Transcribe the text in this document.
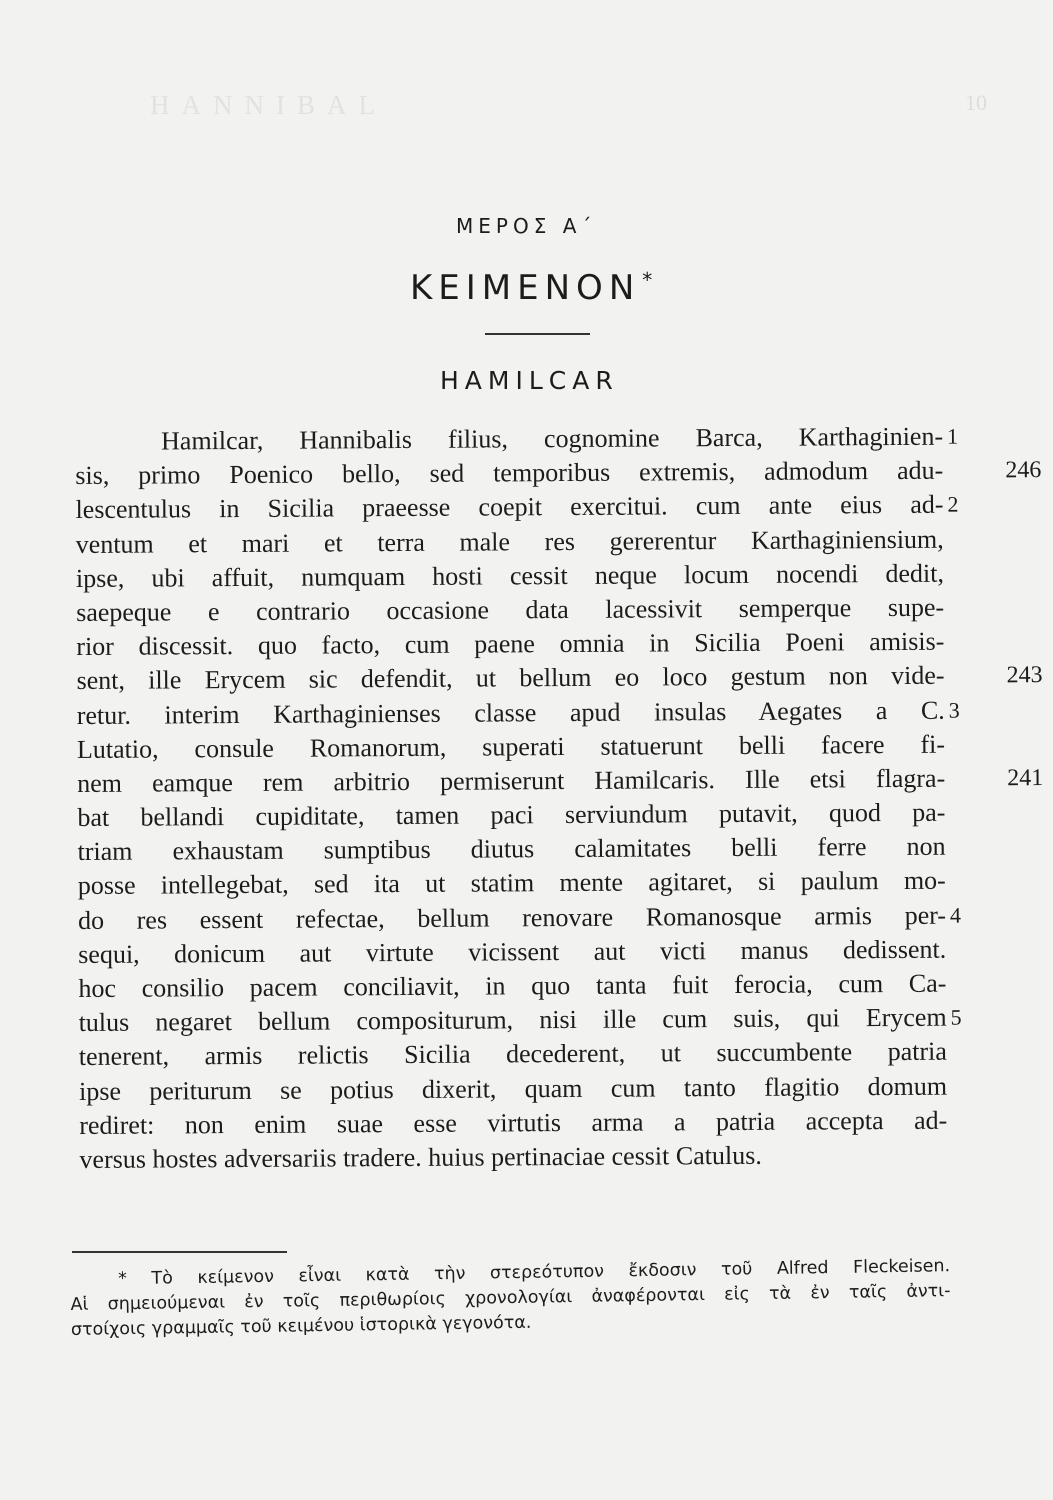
HANNIBAL	10
ΜΕΡΟΣ Α΄
ΚΕΙΜΕΝΟΝ *
HAMILCAR
Hamilcar, Hannibalis filius, cognomine Barca, Karthaginien- 1
sis, primo Poenico bello, sed temporibus extremis, admodum adu-	246
lescentulus in Sicilia praeesse coepit exercitui. cum ante eius ad- 2
ventum et mari et terra male res gererentur Karthaginiensium,
ipse, ubi affuit, numquam hosti cessit neque locum nocendi dedit,
saepeque e contrario occasione data lacessivit semperque supe-
rior discessit. quo facto, cum paene omnia in Sicilia Poeni amisis-
sent, ille Erycem sic defendit, ut bellum eo loco gestum non vide-	243
retur. interim Karthaginienses classe apud insulas Aegates a C. 3
Lutatio, consule Romanorum, superati statuerunt belli facere fi-
nem eamque rem arbitrio permiserunt Hamilcaris. Ille etsi flagra-	241
bat bellandi cupiditate, tamen paci serviundum putavit, quod pa-
triam exhaustam sumptibus diutus calamitates belli ferre non
posse intellegebat, sed ita ut statim mente agitaret, si paulum mo-
do res essent refectae, bellum renovare Romanosque armis per- 4
sequi, donicum aut virtute vicissent aut victi manus dedissent.
hoc consilio pacem conciliavit, in quo tanta fuit ferocia, cum Ca-
tulus negaret bellum compositurum, nisi ille cum suis, qui Erycem 5
tenerent, armis relictis Sicilia decederent, ut succumbente patria
ipse periturum se potius dixerit, quam cum tanto flagitio domum
rediret: non enim suae esse virtutis arma a patria accepta ad-
versus hostes adversariis tradere. huius pertinaciae cessit Catulus.
* Τὸ κείμενον εἶναι κατὰ τὴν στερεότυπον ἔκδοσιν τοῦ Alfred Fleckeisen.
Αἱ σημειούμεναι ἐν τοῖς περιθωρίοις χρονολογίαι ἀναφέρονται εἰς τὰ ἐν ταῖς ἀντι-
στοίχοις γραμμαῖς τοῦ κειμένου ἱστορικὰ γεγονότα.
